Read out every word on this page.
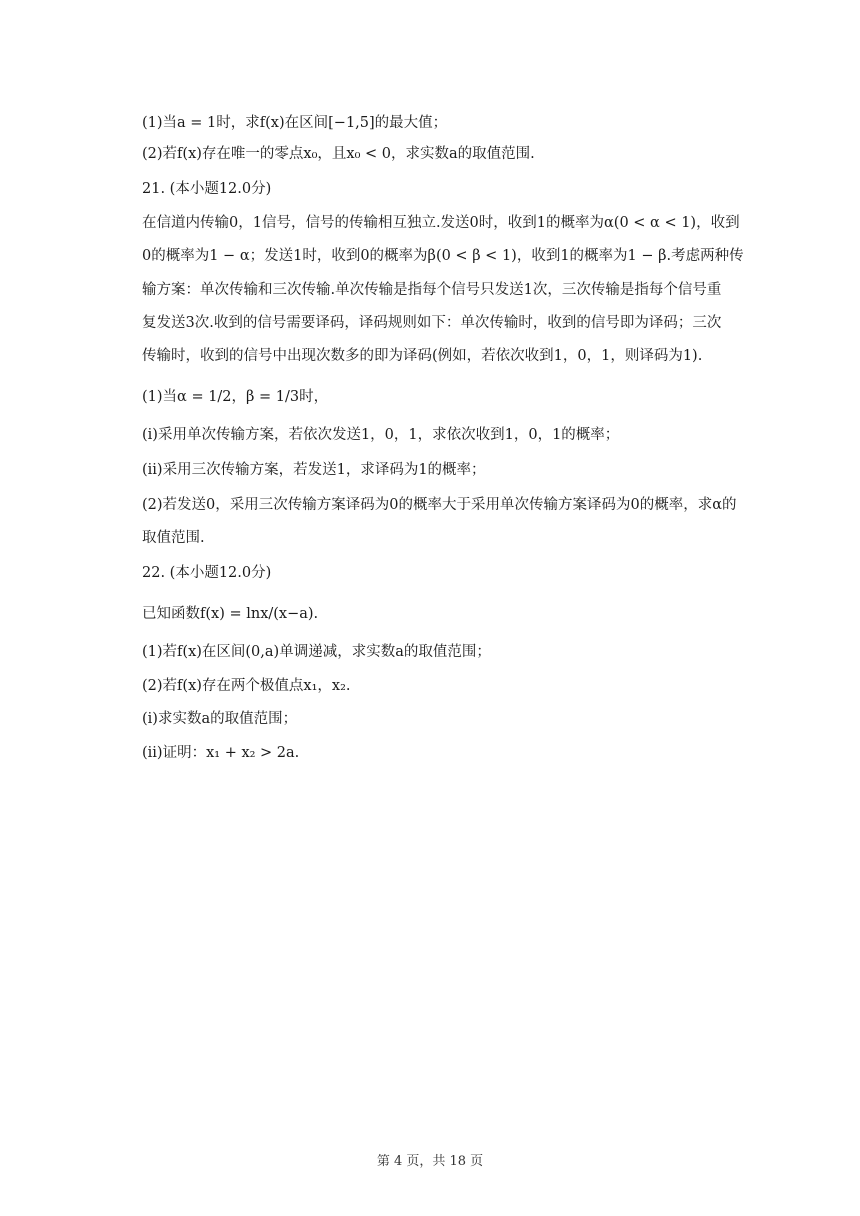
(1)当a = 1时，求f(x)在区间[−1,5]的最大值；
(2)若f(x)存在唯一的零点x₀，且x₀ < 0，求实数a的取值范围.
21. (本小题12.0分)
在信道内传输0，1信号，信号的传输相互独立.发送0时，收到1的概率为α(0 < α < 1)，收到
0的概率为1 − α；发送1时，收到0的概率为β(0 < β < 1)，收到1的概率为1 − β.考虑两种传
输方案：单次传输和三次传输.单次传输是指每个信号只发送1次，三次传输是指每个信号重
复发送3次.收到的信号需要译码，译码规则如下：单次传输时，收到的信号即为译码；三次
传输时，收到的信号中出现次数多的即为译码(例如，若依次收到1，0，1，则译码为1).
(1)当α = 1/2，β = 1/3时，
(ⅰ)采用单次传输方案，若依次发送1，0，1，求依次收到1，0，1的概率；
(ⅱ)采用三次传输方案，若发送1，求译码为1的概率；
(2)若发送0，采用三次传输方案译码为0的概率大于采用单次传输方案译码为0的概率，求α的
取值范围.
22. (本小题12.0分)
已知函数f(x) = lnx/(x−a).
(1)若f(x)在区间(0,a)单调递减，求实数a的取值范围；
(2)若f(x)存在两个极值点x₁，x₂.
(ⅰ)求实数a的取值范围；
(ⅱ)证明：x₁ + x₂ > 2a.
第 4 页，共 18 页
